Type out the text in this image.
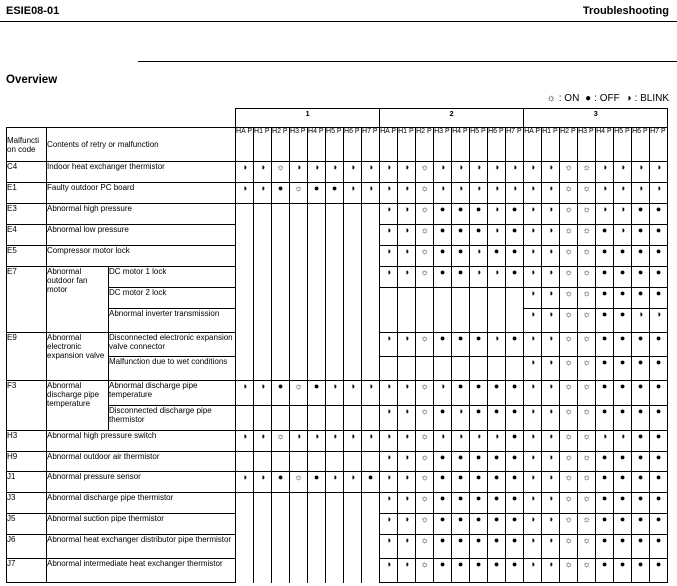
ESIE08-01	Troubleshooting
Overview
☼ : ON ● : OFF ◑ : BLINK
			1								2								3							
Malfuncti on code	Contents of retry or malfunction		HA P	H1 P	H2 P	H3 P	H4 P	H5 P	H6 P	H7 P	HA P	H1 P	H2 P	H3 P	H4 P	H5 P	H6 P	H7 P	HA P	H1 P	H2 P	H3 P	H4 P	H5 P	H6 P	H7 P
C4	Indoor heat exchanger thermistor		◑	◑	☼	◑	◑	◑	◑	◑	◑	◑	☼	◑	◑	◑	◑	◑	◑	◑	☼	☼	◑	◑	◑	◑
E1	Faulty outdoor PC board		◑	◑	●	☼	●	●	◑	◑	◑	◑	☼	◑	◑	◑	◑	◑	◑	◑	☼	☼	◑	◑	◑	◑
E3	Abnormal high pressure										◑	◑	☼	●	●	●	◑	●	◑	◑	☼	☼	◑	◑	●	●
E4	Abnormal low pressure										◑	◑	☼	●	●	●	◑	●	◑	◑	☼	☼	●	◑	●	●
E5	Compressor motor lock										◑	◑	☼	●	●	◑	●	●	◑	◑	☼	☼	●	●	●	●
E7	Abnormal outdoor fan motor	DC motor 1 lock									◑	◑	☼	●	●	◑	◑	●	◑	◑	☼	☼	●	●	●	●
		DC motor 2 lock																	◑	◑	☼	☼	●	●	●	●
		Abnormal inverter transmission																	◑	◑	☼	☼	●	●	◑	◑
E9	Abnormal electronic expansion valve	Disconnected electronic expansion valve connector									◑	◑	☼	●	●	●	◑	●	◑	◑	☼	☼	●	●	●	●
		Malfunction due to wet conditions																	◑	◑	☼	☼	●	●	●	●
F3	Abnormal discharge pipe temperature	Abnormal discharge pipe temperature	◑	◑	●	☼	●	◑	◑	◑	◑	◑	☼	◑	●	●	●	●	◑	◑	☼	☼	●	●	●	●
		Disconnected discharge pipe thermistor									◑	◑	☼	●	◑	●	●	●	◑	◑	☼	☼	●	●	●	●
H3	Abnormal high pressure switch		◑	◑	☼	◑	◑	◑	◑	◑	◑	◑	☼	◑	◑	◑	◑	●	◑	◑	☼	☼	◑	◑	●	●
H9	Abnormal outdoor air thermistor										◑	◑	☼	●	●	●	●	●	◑	◑	☼	☼	●	●	●	●
J1	Abnormal pressure sensor		◑	◑	●	☼	●	◑	◑	●	◑	◑	☼	●	●	●	●	●	◑	◑	☼	☼	●	●	●	●
J3	Abnormal discharge pipe thermistor										◑	◑	☼	●	●	●	●	●	◑	◑	☼	☼	●	●	●	●
J5	Abnormal suction pipe thermistor										◑	◑	☼	●	●	●	●	●	◑	◑	☼	☼	●	●	●	●
J6	Abnormal heat exchanger distributor pipe thermistor										◑	◑	☼	●	●	●	●	●	◑	◑	☼	☼	●	●	●	●
J7	Abnormal intermediate heat exchanger thermistor										◑	◑	☼	●	●	●	●	●	◑	◑	☼	☼	●	●	●	●
